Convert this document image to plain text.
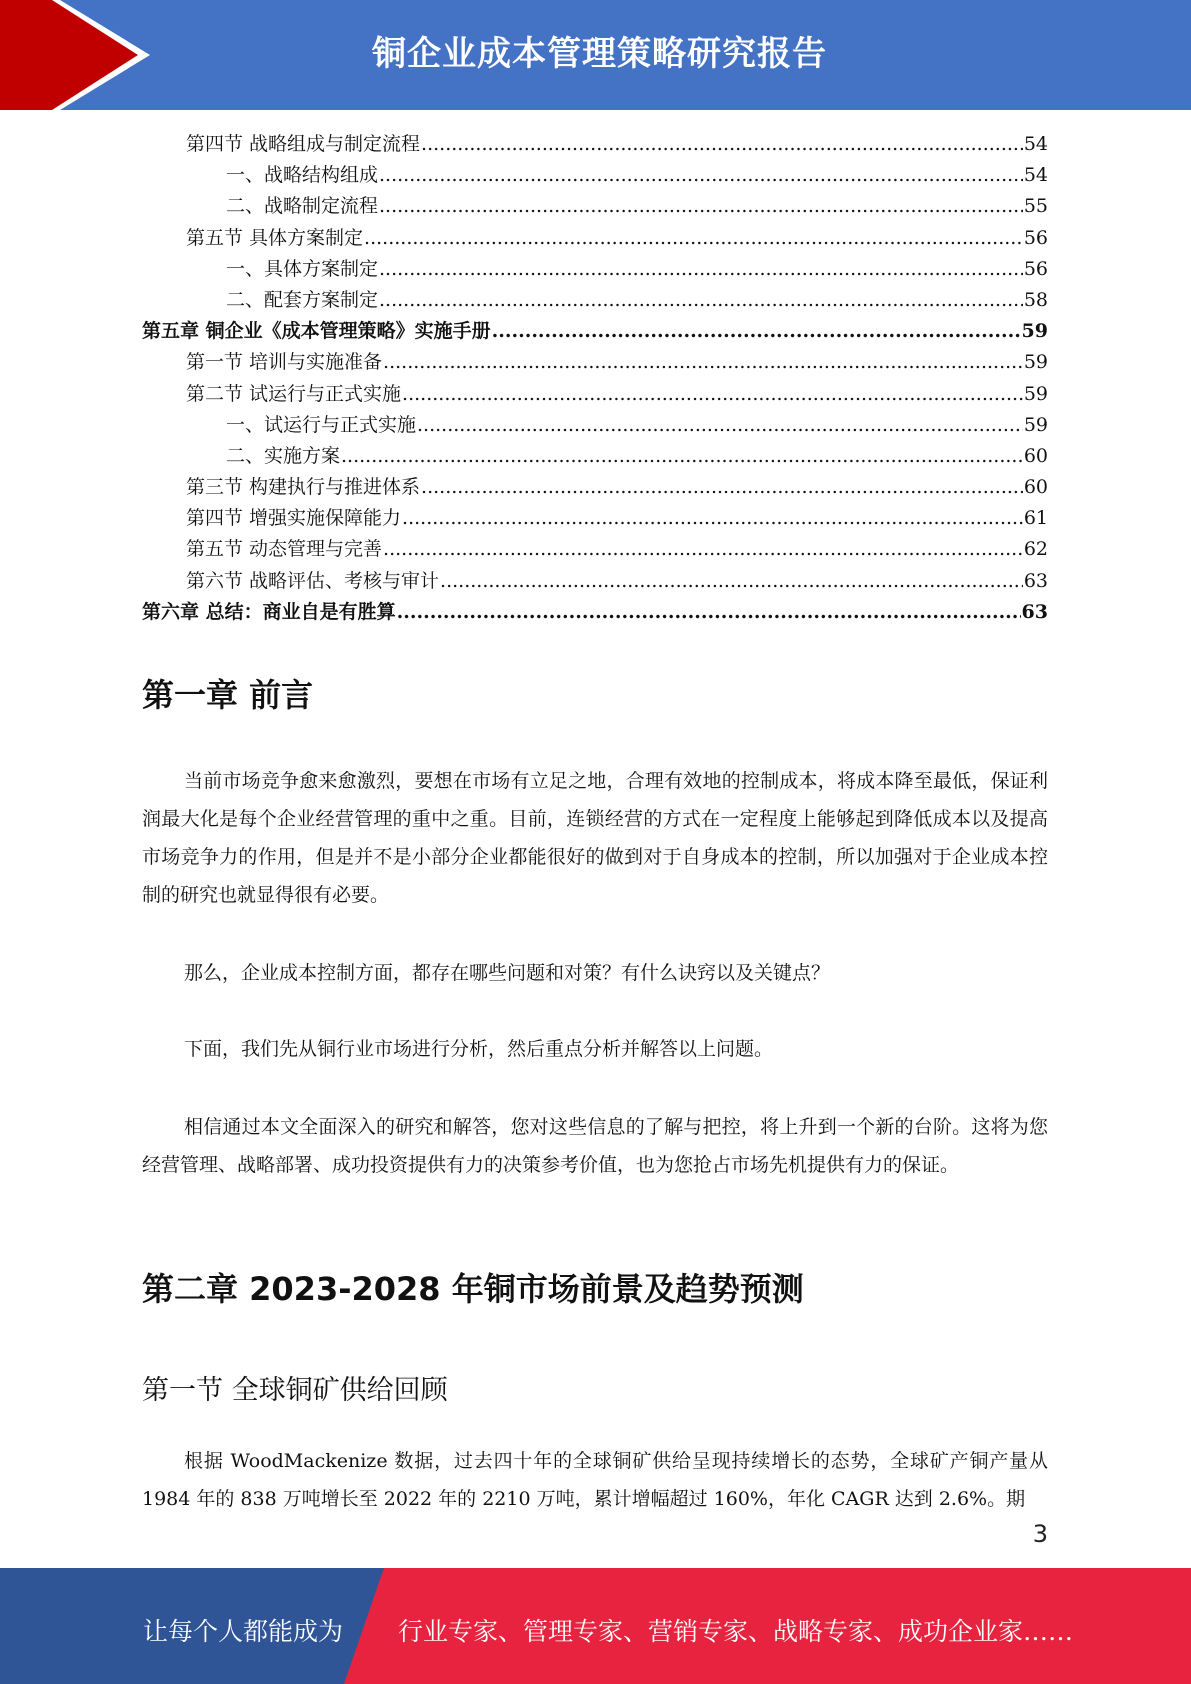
铜企业成本管理策略研究报告
第四节 战略组成与制定流程 .....	54
一、战略结构组成 .....	54
二、战略制定流程 .....	55
第五节 具体方案制定 .....	56
一、具体方案制定 .....	56
二、配套方案制定 .....	58
第五章 铜企业《成本管理策略》实施手册 .....	59
第一节 培训与实施准备 .....	59
第二节 试运行与正式实施 .....	59
一、试运行与正式实施 .....	59
二、实施方案 .....	60
第三节 构建执行与推进体系 .....	60
第四节 增强实施保障能力 .....	61
第五节 动态管理与完善 .....	62
第六节 战略评估、考核与审计 .....	63
第六章 总结：商业自是有胜算 .....	63
第一章 前言

当前市场竞争愈来愈激烈，要想在市场有立足之地，合理有效地的控制成本，将成本降至最低，保证利润最大化是每个企业经营管理的重中之重。目前，连锁经营的方式在一定程度上能够起到降低成本以及提高市场竞争力的作用，但是并不是小部分企业都能很好的做到对于自身成本的控制，所以加强对于企业成本控制的研究也就显得很有必要。

那么，企业成本控制方面，都存在哪些问题和对策？有什么诀窍以及关键点？

下面，我们先从铜行业市场进行分析，然后重点分析并解答以上问题。

相信通过本文全面深入的研究和解答，您对这些信息的了解与把控，将上升到一个新的台阶。这将为您经营管理、战略部署、成功投资提供有力的决策参考价值，也为您抢占市场先机提供有力的保证。

第二章 2023-2028 年铜市场前景及趋势预测
第一节 全球铜矿供给回顾

根据 WoodMackenize 数据，过去四十年的全球铜矿供给呈现持续增长的态势，全球矿产铜产量从 1984 年的 838 万吨增长至 2022 年的 2210 万吨，累计增幅超过 160%，年化 CAGR 达到 2.6%。期

3
让每个人都能成为 行业专家、管理专家、营销专家、战略专家、成功企业家……
